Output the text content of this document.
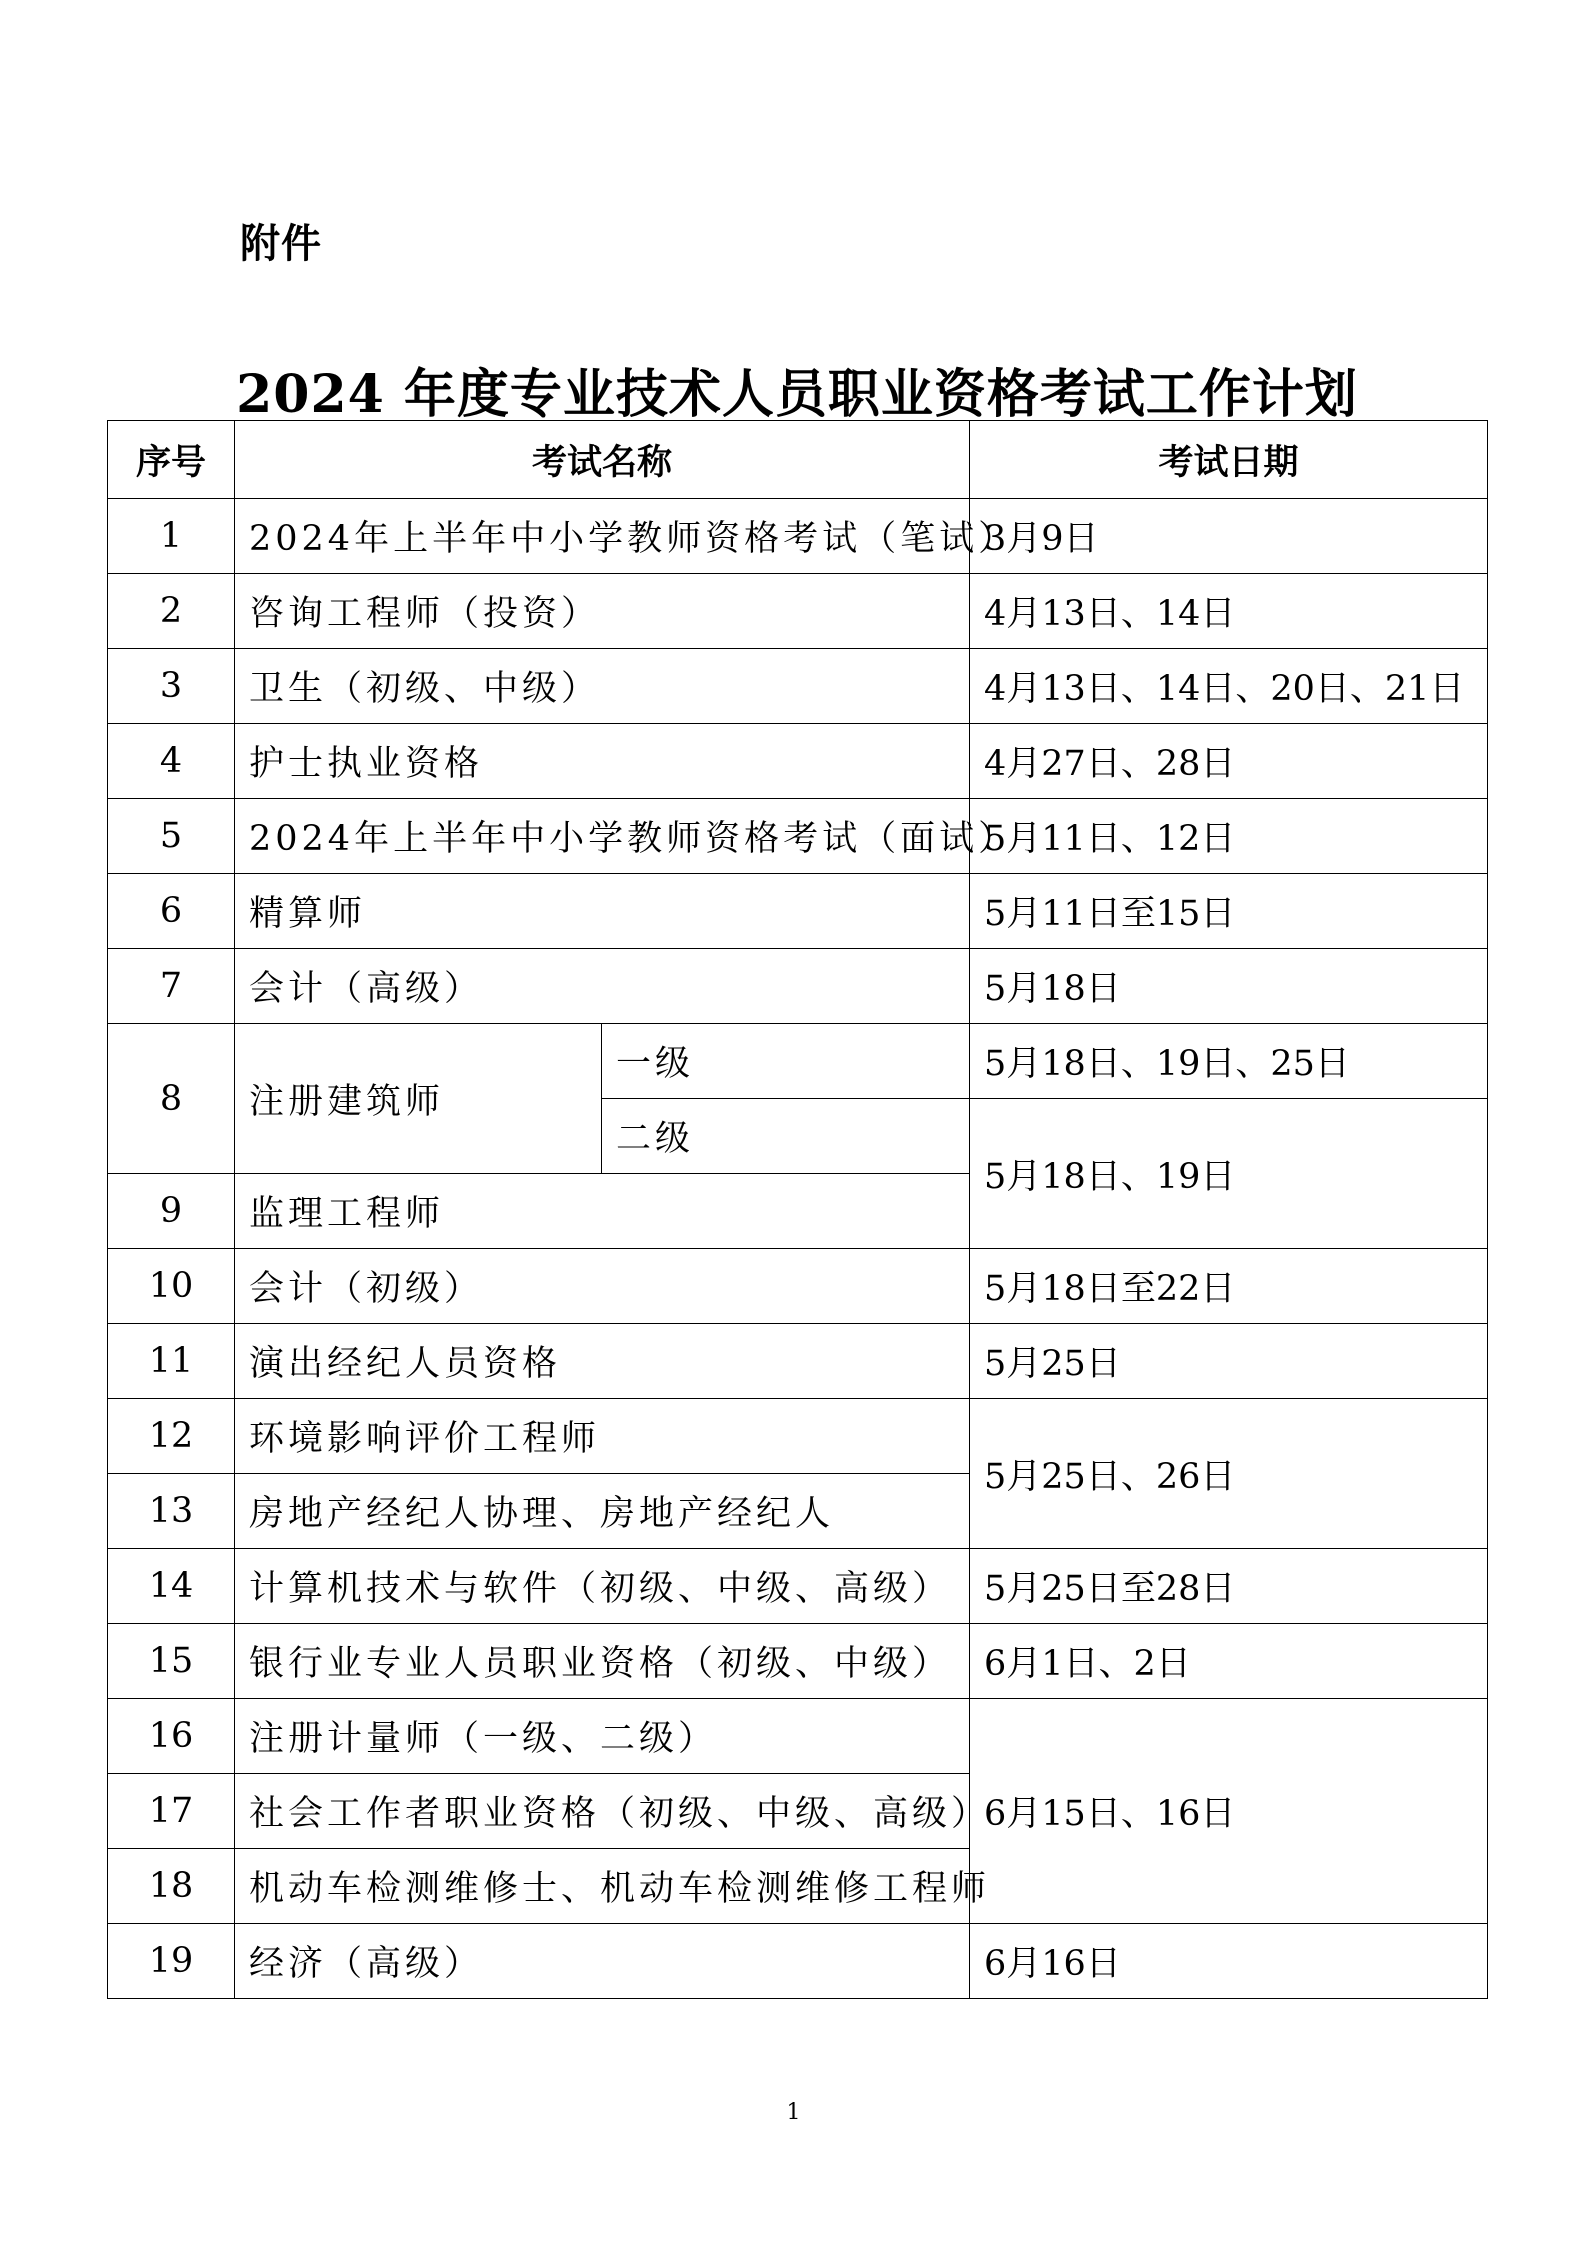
附件
2024 年度专业技术人员职业资格考试工作计划
序号	考试名称		考试日期
1	2024年上半年中小学教师资格考试（笔试）		3月9日
2	咨询工程师（投资）		4月13日、14日
3	卫生（初级、中级）		4月13日、14日、20日、21日
4	护士执业资格		4月27日、28日
5	2024年上半年中小学教师资格考试（面试）		5月11日、12日
6	精算师		5月11日至15日
7	会计（高级）		5月18日
8	注册建筑师	一级	5月18日、19日、25日
		二级	5月18日、19日
9	监理工程师		
10	会计（初级）		5月18日至22日
11	演出经纪人员资格		5月25日
12	环境影响评价工程师		5月25日、26日
13	房地产经纪人协理、房地产经纪人		
14	计算机技术与软件（初级、中级、高级）		5月25日至28日
15	银行业专业人员职业资格（初级、中级）		6月1日、2日
16	注册计量师（一级、二级）		6月15日、16日
17	社会工作者职业资格（初级、中级、高级）		
18	机动车检测维修士、机动车检测维修工程师		
19	经济（高级）		6月16日
1
